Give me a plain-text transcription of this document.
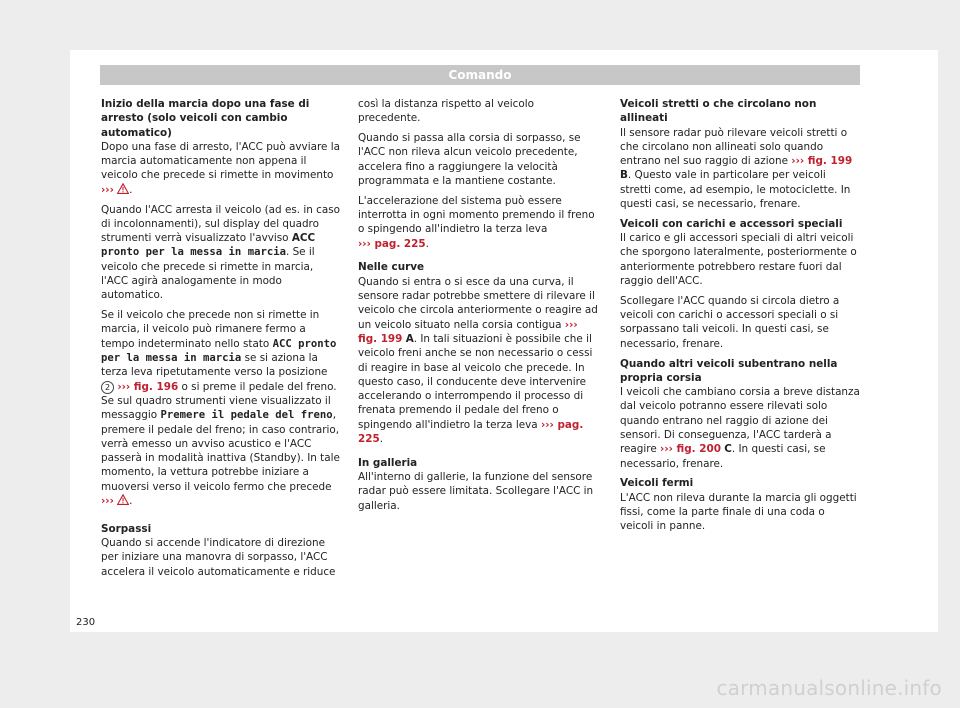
Comando

Inizio della marcia dopo una fase di arresto (solo veicoli con cambio automatico)

Dopo una fase di arresto, l'ACC può avviare la marcia automaticamente non appena il veicolo che precede si rimette in movimento
››› .

Quando l'ACC arresta il veicolo (ad es. in caso di incolonnamenti), sul display del quadro strumenti verrà visualizzato l'avviso ACC pronto per la messa in marcia. Se il veicolo che precede si rimette in marcia, l'ACC agirà analogamente in modo automatico.

Se il veicolo che precede non si rimette in marcia, il veicolo può rimanere fermo a tempo indeterminato nello stato ACC pronto per la messa in marcia se si aziona la terza leva ripetutamente verso la posizione 2 ››› fig. 196 o si preme il pedale del freno. Se sul quadro strumenti viene visualizzato il messaggio Premere il pedale del freno, premere il pedale del freno; in caso contrario, verrà emesso un avviso acustico e l'ACC passerà in modalità inattiva (Standby). In tale momento, la vettura potrebbe iniziare a muoversi verso il veicolo fermo che precede
››› .

Sorpassi

Quando si accende l'indicatore di direzione per iniziare una manovra di sorpasso, l'ACC accelera il veicolo automaticamente e riduce

così la distanza rispetto al veicolo precedente.

Quando si passa alla corsia di sorpasso, se l'ACC non rileva alcun veicolo precedente, accelera fino a raggiungere la velocità programmata e la mantiene costante.

L'accelerazione del sistema può essere interrotta in ogni momento premendo il freno o spingendo all'indietro la terza leva
››› pag. 225.

Nelle curve

Quando si entra o si esce da una curva, il sensore radar potrebbe smettere di rilevare il veicolo che circola anteriormente o reagire ad un veicolo situato nella corsia contigua ››› fig. 199 A. In tali situazioni è possibile che il veicolo freni anche se non necessario o cessi di reagire in base al veicolo che precede. In questo caso, il conducente deve intervenire accelerando o interrompendo il processo di frenata premendo il pedale del freno o spingendo all'indietro la terza leva ››› pag. 225.

In galleria

All'interno di gallerie, la funzione del sensore radar può essere limitata. Scollegare l'ACC in galleria.

Veicoli stretti o che circolano non allineati

Il sensore radar può rilevare veicoli stretti o che circolano non allineati solo quando entrano nel suo raggio di azione ››› fig. 199 B. Questo vale in particolare per veicoli stretti come, ad esempio, le motociclette. In questi casi, se necessario, frenare.

Veicoli con carichi e accessori speciali

Il carico e gli accessori speciali di altri veicoli che sporgono lateralmente, posteriormente o anteriormente potrebbero restare fuori dal raggio dell'ACC.

Scollegare l'ACC quando si circola dietro a veicoli con carichi o accessori speciali o si sorpassano tali veicoli. In questi casi, se necessario, frenare.

Quando altri veicoli subentrano nella propria corsia

I veicoli che cambiano corsia a breve distanza dal veicolo potranno essere rilevati solo quando entrano nel raggio di azione dei sensori. Di conseguenza, l'ACC tarderà a reagire ››› fig. 200 C. In questi casi, se necessario, frenare.

Veicoli fermi

L'ACC non rileva durante la marcia gli oggetti fissi, come la parte finale di una coda o veicoli in panne.

230
carmanualsonline.info
